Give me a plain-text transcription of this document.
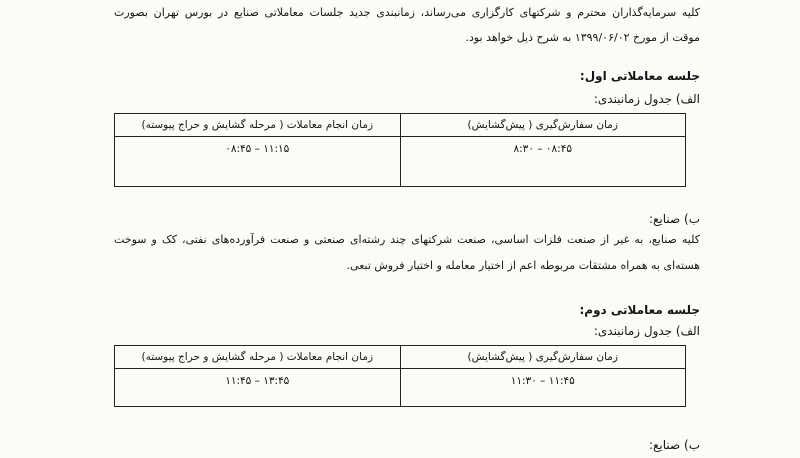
کلیه سرمایه‌گذاران محترم و شرکتهای کارگزاری می‌رساند، زمانبندی جدید جلسات معاملاتی صنایع در بورس تهران بصورت
موقت از مورخ ۱۳۹۹/۰۶/۰۲ به شرح ذیل خواهد بود.
جلسه معاملاتی اول:
الف) جدول زمانبندی:
زمان سفارش‌گیری ( پیش‌گشایش)	زمان انجام معاملات ( مرحله گشایش و حراج پیوسته)
۸:۳۰ – ۰۸:۴۵	۰۸:۴۵ – ۱۱:۱۵
ب) صنایع:
کلیه صنایع، به غیر از صنعت فلزات اساسی، صنعت شرکتهای چند رشته‌ای صنعتی و صنعت فرآورده‌های نفتی، کک و سوخت
هسته‌ای به همراه مشتقات مربوطه اعم از اختیار معامله و اختیار فروش تبعی.
جلسه معاملاتی دوم:
الف) جدول زمانبندی:
زمان سفارش‌گیری ( پیش‌گشایش)	زمان انجام معاملات ( مرحله گشایش و حراج پیوسته)
۱۱:۳۰ – ۱۱:۴۵	۱۱:۴۵ – ۱۳:۴۵
ب) صنایع:
